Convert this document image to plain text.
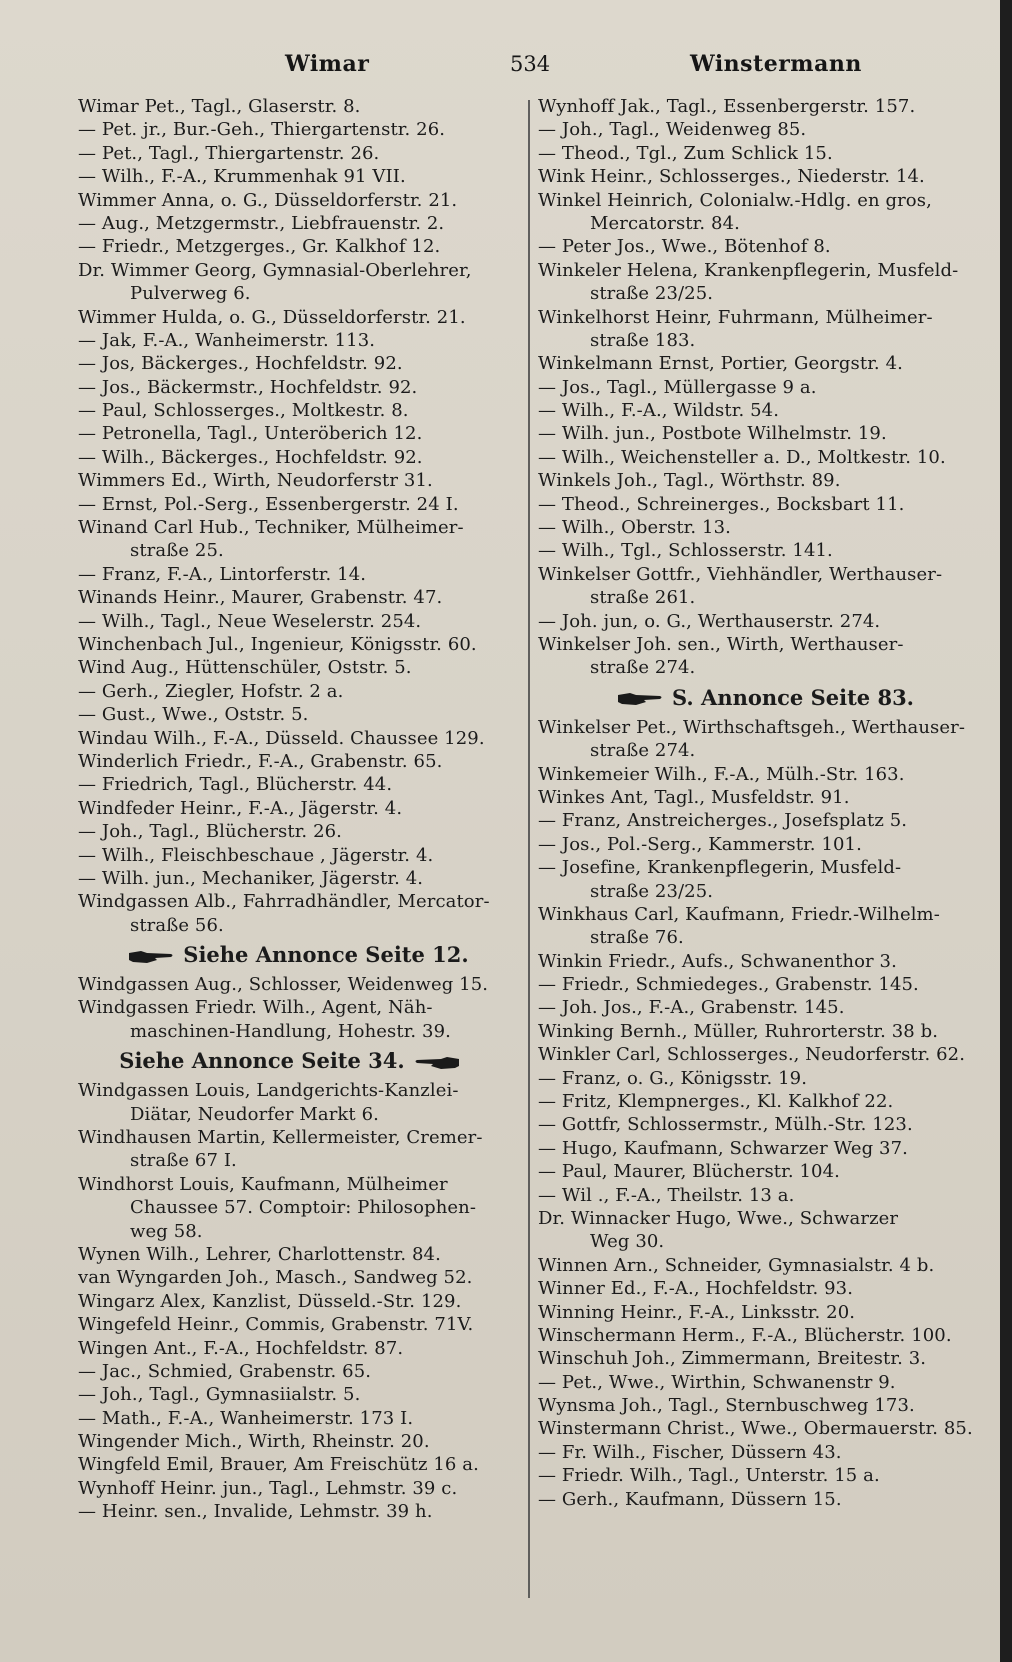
Wimar	534	Winstermann
Wimar Pet., Tagl., Glaserstr. 8.
— Pet. jr., Bur.-Geh., Thiergartenstr. 26.
— Pet., Tagl., Thiergartenstr. 26.
— Wilh., F.-A., Krummenhak 91 VII.
Wimmer Anna, o. G., Düsseldorferstr. 21.
— Aug., Metzgermstr., Liebfrauenstr. 2.
— Friedr., Metzgerges., Gr. Kalkhof 12.
Dr. Wimmer Georg, Gymnasial-Oberlehrer,
Pulverweg 6.
Wimmer Hulda, o. G., Düsseldorferstr. 21.
— Jak, F.-A., Wanheimerstr. 113.
— Jos, Bäckerges., Hochfeldstr. 92.
— Jos., Bäckermstr., Hochfeldstr. 92.
— Paul, Schlosserges., Moltkestr. 8.
— Petronella, Tagl., Unteröberich 12.
— Wilh., Bäckerges., Hochfeldstr. 92.
Wimmers Ed., Wirth, Neudorferstr 31.
— Ernst, Pol.-Serg., Essenbergerstr. 24 I.
Winand Carl Hub., Techniker, Mülheimer-
straße 25.
— Franz, F.-A., Lintorferstr. 14.
Winands Heinr., Maurer, Grabenstr. 47.
— Wilh., Tagl., Neue Weselerstr. 254.
Winchenbach Jul., Ingenieur, Königsstr. 60.
Wind Aug., Hüttenschüler, Oststr. 5.
— Gerh., Ziegler, Hofstr. 2 a.
— Gust., Wwe., Oststr. 5.
Windau Wilh., F.-A., Düsseld. Chaussee 129.
Winderlich Friedr., F.-A., Grabenstr. 65.
— Friedrich, Tagl., Blücherstr. 44.
Windfeder Heinr., F.-A., Jägerstr. 4.
— Joh., Tagl., Blücherstr. 26.
— Wilh., Fleischbeschaue , Jägerstr. 4.
— Wilh. jun., Mechaniker, Jägerstr. 4.
Windgassen Alb., Fahrradhändler, Mercator-
straße 56.
Siehe Annonce Seite 12.
Windgassen Aug., Schlosser, Weidenweg 15.
Windgassen Friedr. Wilh., Agent, Näh-
maschinen-Handlung, Hohestr. 39.
Siehe Annonce Seite 34.
Windgassen Louis, Landgerichts-Kanzlei-
Diätar, Neudorfer Markt 6.
Windhausen Martin, Kellermeister, Cremer-
straße 67 I.
Windhorst Louis, Kaufmann, Mülheimer
Chaussee 57. Comptoir: Philosophen-
weg 58.
Wynen Wilh., Lehrer, Charlottenstr. 84.
van Wyngarden Joh., Masch., Sandweg 52.
Wingarz Alex, Kanzlist, Düsseld.-Str. 129.
Wingefeld Heinr., Commis, Grabenstr. 71V.
Wingen Ant., F.-A., Hochfeldstr. 87.
— Jac., Schmied, Grabenstr. 65.
— Joh., Tagl., Gymnasiialstr. 5.
— Math., F.-A., Wanheimerstr. 173 I.
Wingender Mich., Wirth, Rheinstr. 20.
Wingfeld Emil, Brauer, Am Freischütz 16 a.
Wynhoff Heinr. jun., Tagl., Lehmstr. 39 c.
— Heinr. sen., Invalide, Lehmstr. 39 h.
Wynhoff Jak., Tagl., Essenbergerstr. 157.
— Joh., Tagl., Weidenweg 85.
— Theod., Tgl., Zum Schlick 15.
Wink Heinr., Schlosserges., Niederstr. 14.
Winkel Heinrich, Colonialw.-Hdlg. en gros,
Mercatorstr. 84.
— Peter Jos., Wwe., Bötenhof 8.
Winkeler Helena, Krankenpflegerin, Musfeld-
straße 23/25.
Winkelhorst Heinr, Fuhrmann, Mülheimer-
straße 183.
Winkelmann Ernst, Portier, Georgstr. 4.
— Jos., Tagl., Müllergasse 9 a.
— Wilh., F.-A., Wildstr. 54.
— Wilh. jun., Postbote Wilhelmstr. 19.
— Wilh., Weichensteller a. D., Moltkestr. 10.
Winkels Joh., Tagl., Wörthstr. 89.
— Theod., Schreinerges., Bocksbart 11.
— Wilh., Oberstr. 13.
— Wilh., Tgl., Schlosserstr. 141.
Winkelser Gottfr., Viehhändler, Werthauser-
straße 261.
— Joh. jun, o. G., Werthauserstr. 274.
Winkelser Joh. sen., Wirth, Werthauser-
straße 274.
S. Annonce Seite 83.
Winkelser Pet., Wirthschaftsgeh., Werthauser-
straße 274.
Winkemeier Wilh., F.-A., Mülh.-Str. 163.
Winkes Ant, Tagl., Musfeldstr. 91.
— Franz, Anstreicherges., Josefsplatz 5.
— Jos., Pol.-Serg., Kammerstr. 101.
— Josefine, Krankenpflegerin, Musfeld-
straße 23/25.
Winkhaus Carl, Kaufmann, Friedr.-Wilhelm-
straße 76.
Winkin Friedr., Aufs., Schwanenthor 3.
— Friedr., Schmiedeges., Grabenstr. 145.
— Joh. Jos., F.-A., Grabenstr. 145.
Winking Bernh., Müller, Ruhrorterstr. 38 b.
Winkler Carl, Schlosserges., Neudorferstr. 62.
— Franz, o. G., Königsstr. 19.
— Fritz, Klempnerges., Kl. Kalkhof 22.
— Gottfr, Schlossermstr., Mülh.-Str. 123.
— Hugo, Kaufmann, Schwarzer Weg 37.
— Paul, Maurer, Blücherstr. 104.
— Wil ., F.-A., Theilstr. 13 a.
Dr. Winnacker Hugo, Wwe., Schwarzer
Weg 30.
Winnen Arn., Schneider, Gymnasialstr. 4 b.
Winner Ed., F.-A., Hochfeldstr. 93.
Winning Heinr., F.-A., Linksstr. 20.
Winschermann Herm., F.-A., Blücherstr. 100.
Winschuh Joh., Zimmermann, Breitestr. 3.
— Pet., Wwe., Wirthin, Schwanenstr 9.
Wynsma Joh., Tagl., Sternbuschweg 173.
Winstermann Christ., Wwe., Obermauerstr. 85.
— Fr. Wilh., Fischer, Düssern 43.
— Friedr. Wilh., Tagl., Unterstr. 15 a.
— Gerh., Kaufmann, Düssern 15.
